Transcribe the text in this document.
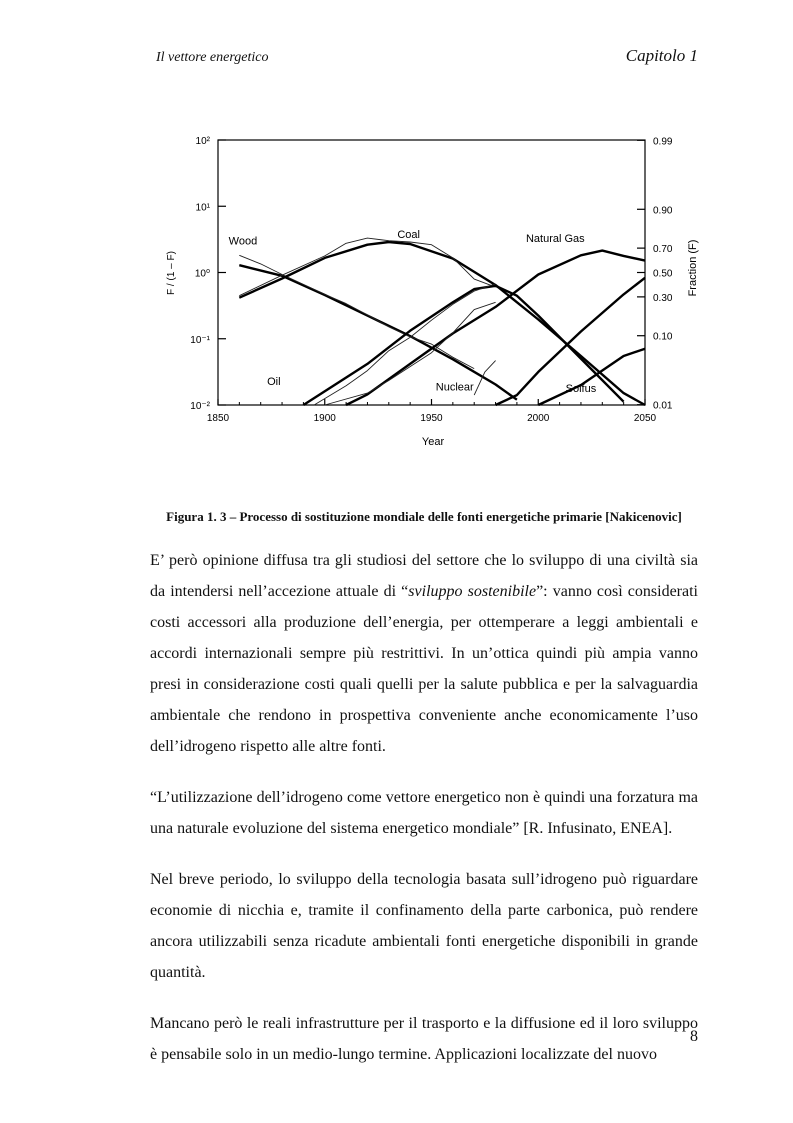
Il vettore energetico	Capitolo 1
10²
10¹
10⁰
10⁻¹
10⁻²
0.99
0.90
0.70
0.50
0.30
0.10
0.01
1850	1900	1950	2000	2050
Wood
Coal	Natural Gas
Oil	Nuclear	Solfus
Year
F / (1 – F)	Fraction (F)
Figura 1. 3 – Processo di sostituzione mondiale delle fonti energetiche primarie [Nakicenovic]

E’ però opinione diffusa tra gli studiosi del settore che lo sviluppo di una civiltà sia da intendersi nell’accezione attuale di “sviluppo sostenibile”: vanno così considerati costi accessori alla produzione dell’energia, per ottemperare a leggi ambientali e accordi internazionali sempre più restrittivi. In un’ottica quindi più ampia vanno presi in considerazione costi quali quelli per la salute pubblica e per la salvaguardia ambientale che rendono in prospettiva conveniente anche economicamente l’uso dell’idrogeno rispetto alle altre fonti.

“L’utilizzazione dell’idrogeno come vettore energetico non è quindi una forzatura ma una naturale evoluzione del sistema energetico mondiale” [R. Infusinato, ENEA].

Nel breve periodo, lo sviluppo della tecnologia basata sull’idrogeno può riguardare economie di nicchia e, tramite il confinamento della parte carbonica, può rendere ancora utilizzabili senza ricadute ambientali fonti energetiche disponibili in grande quantità.

Mancano però le reali infrastrutture per il trasporto e la diffusione ed il loro sviluppo è pensabile solo in un medio-lungo termine. Applicazioni localizzate del nuovo

8
